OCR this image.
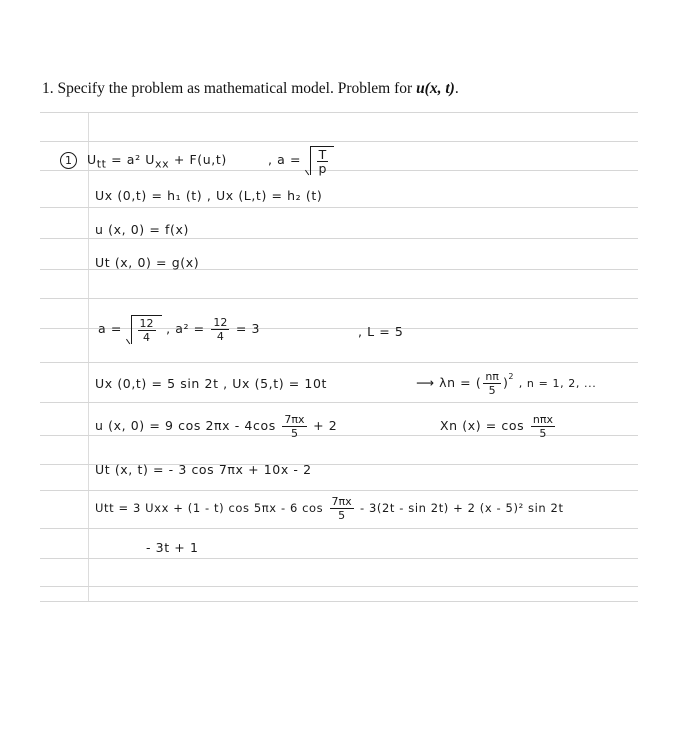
1. Specify the problem as mathematical model. Problem for u(x, t).
1 $U_{tt} = a^2$ $U_{xx} + F(u,t)$	, $a = \frac{T}{p}$
Ux (0,t) = h₁ (t) , Ux (L,t) = h₂ (t)
u (x, 0) = f(x)
Ut (x, 0) = g(x)
$a = \frac{12}{4}$ , $a^2 = \frac{12}{4} = 3$	, L = 5
Ux (0,t) = 5 sin 2t , Ux (5,t) = 10t	⟶ λn = ( $\frac{n\pi}{5} )^2$ , n = 1, 2, ...
u (x, 0) = 9 $\cos 2\pi x - 4\cos \frac{7\pi x}{5} + 2$	Xn $(x) = \cos \frac{\text{nπx}}{5}$
Ut (x, t) = - 3 cos 7πx + 10x - 2
Utt = 3 Uxx + (1 - t) cos 5πx - 6 $\cos \frac{7\pi x}{5} - 3(2t - \sin 2t) + 2$ (x - 5)² sin 2t
- 3t + 1
